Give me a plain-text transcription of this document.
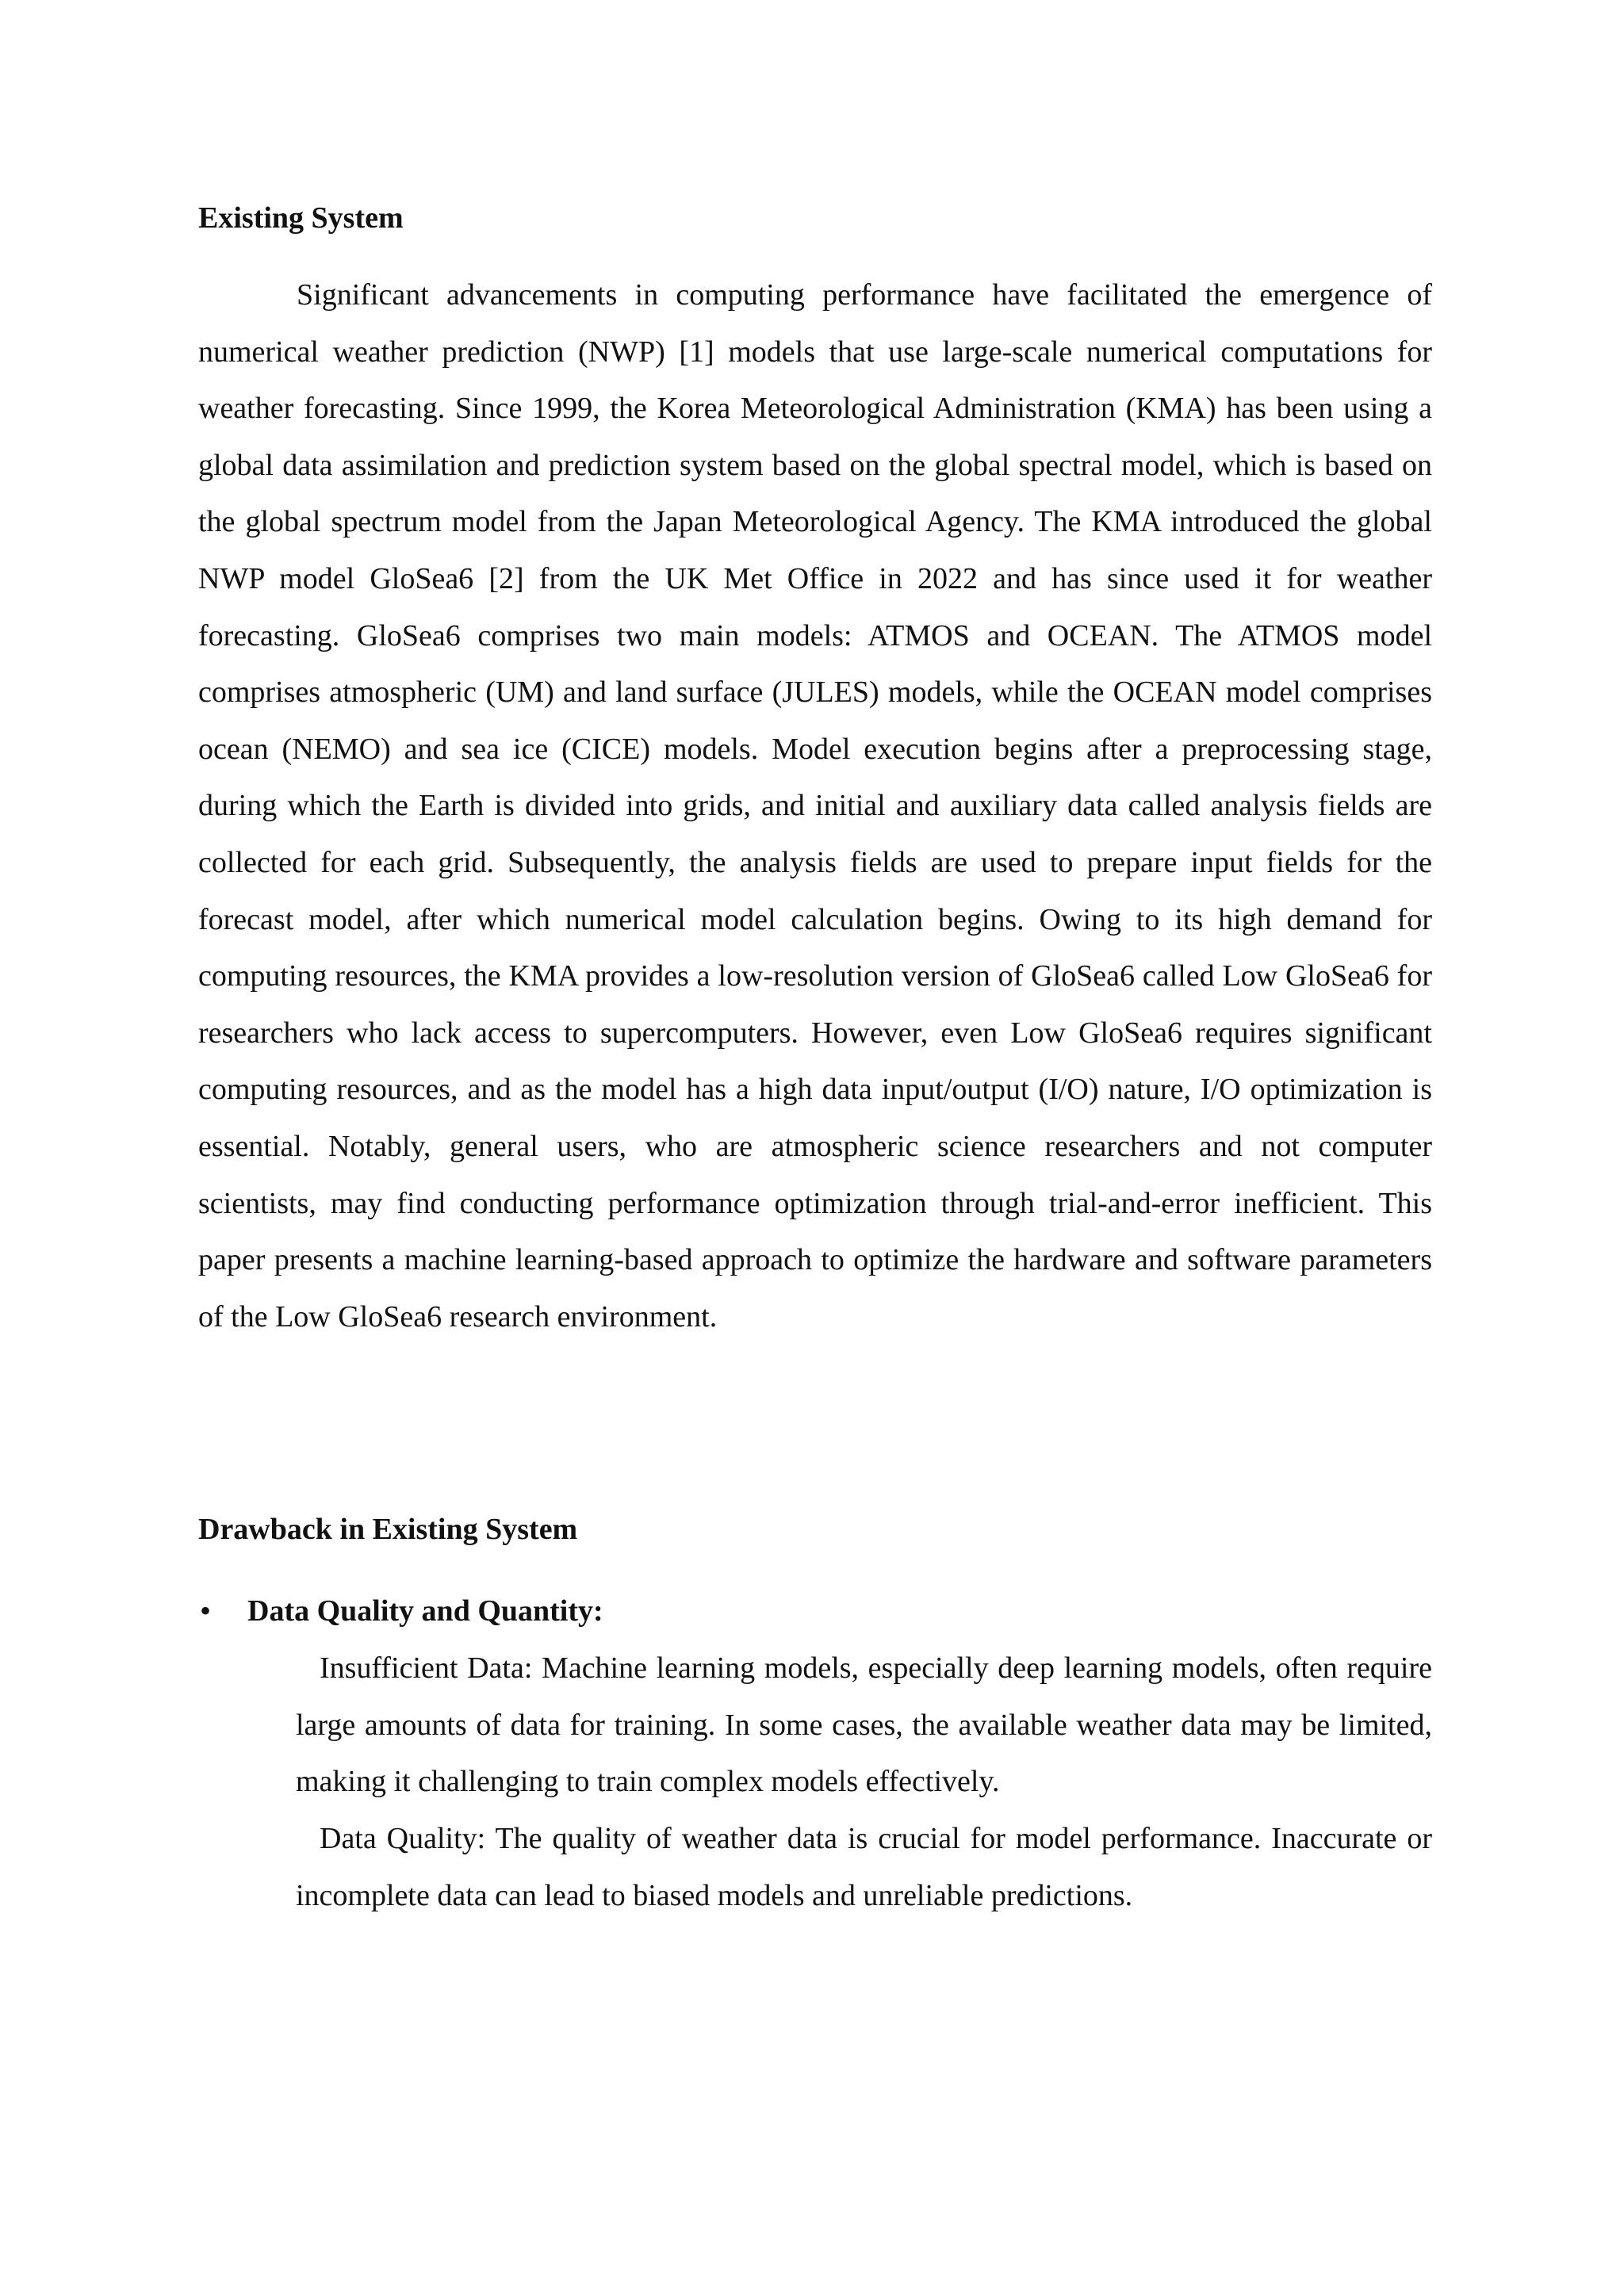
Existing System

Significant advancements in computing performance have facilitated the emergence of numerical weather prediction (NWP) [1] models that use large-scale numerical computations for weather forecasting. Since 1999, the Korea Meteorological Administration (KMA) has been using a global data assimilation and prediction system based on the global spectral model, which is based on the global spectrum model from the Japan Meteorological Agency. The KMA introduced the global NWP model GloSea6 [2] from the UK Met Office in 2022 and has since used it for weather forecasting. GloSea6 comprises two main models: ATMOS and OCEAN. The ATMOS model comprises atmospheric (UM) and land surface (JULES) models, while the OCEAN model comprises ocean (NEMO) and sea ice (CICE) models. Model execution begins after a preprocessing stage, during which the Earth is divided into grids, and initial and auxiliary data called analysis fields are collected for each grid. Subsequently, the analysis fields are used to prepare input fields for the forecast model, after which numerical model calculation begins. Owing to its high demand for computing resources, the KMA provides a low-resolution version of GloSea6 called Low GloSea6 for researchers who lack access to supercomputers. However, even Low GloSea6 requires significant computing resources, and as the model has a high data input/output (I/O) nature, I/O optimization is essential. Notably, general users, who are atmospheric science researchers and not computer scientists, may find conducting performance optimization through trial-and-error inefficient. This paper presents a machine learning-based approach to optimize the hardware and software parameters of the Low GloSea6 research environment.

Drawback in Existing System
• Data Quality and Quantity:

Insufficient Data: Machine learning models, especially deep learning models, often require large amounts of data for training. In some cases, the available weather data may be limited, making it challenging to train complex models effectively.

Data Quality: The quality of weather data is crucial for model performance. Inaccurate or incomplete data can lead to biased models and unreliable predictions.
